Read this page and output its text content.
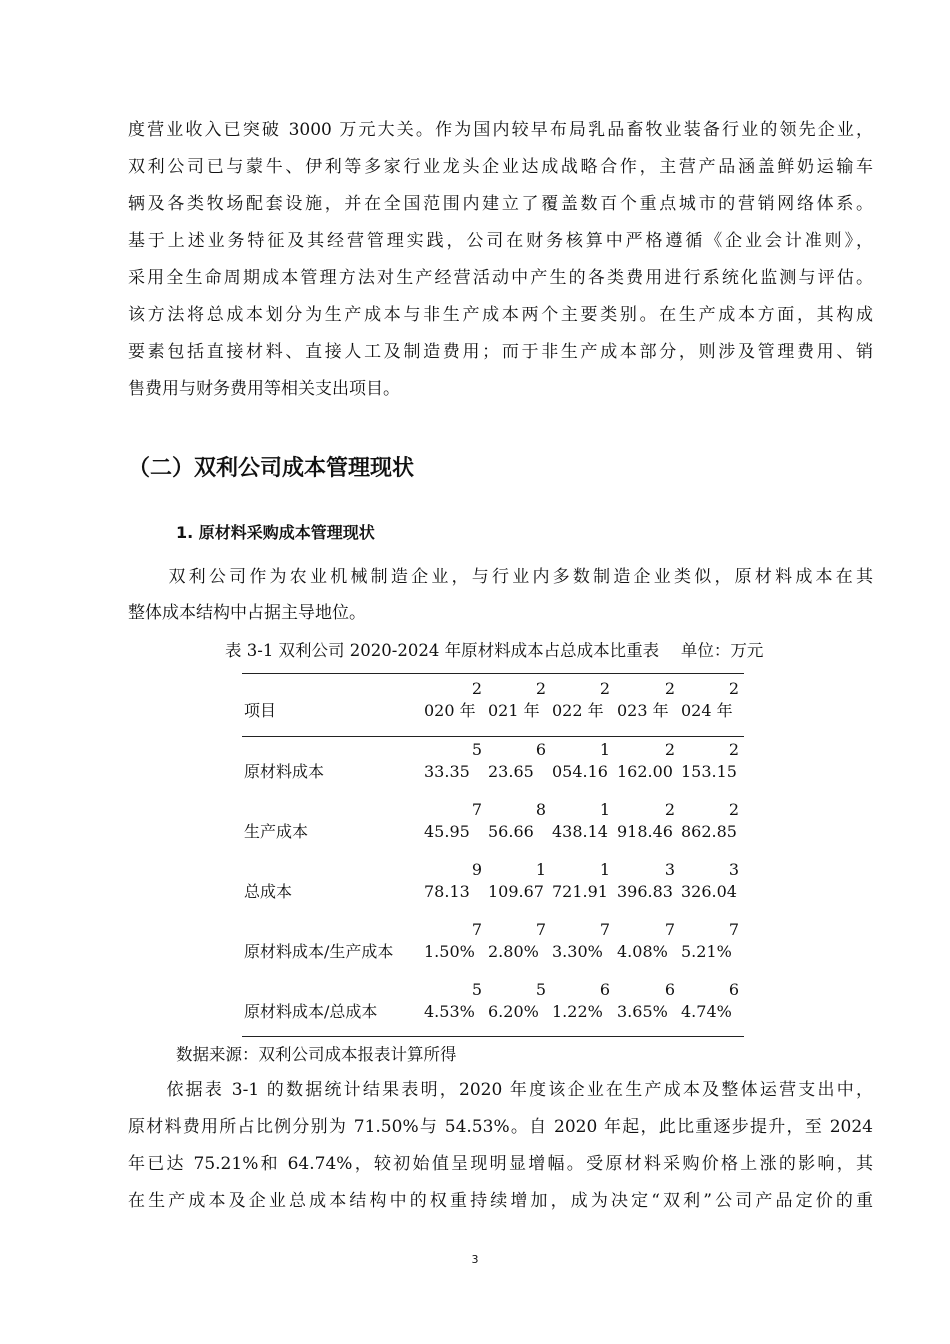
度营业收入已突破 3000 万元大关。作为国内较早布局乳品畜牧业装备行业的领先企业，
双利公司已与蒙牛、伊利等多家行业龙头企业达成战略合作，主营产品涵盖鲜奶运输车
辆及各类牧场配套设施，并在全国范围内建立了覆盖数百个重点城市的营销网络体系。
基于上述业务特征及其经营管理实践，公司在财务核算中严格遵循《企业会计准则》，
采用全生命周期成本管理方法对生产经营活动中产生的各类费用进行系统化监测与评估。
该方法将总成本划分为生产成本与非生产成本两个主要类别。在生产成本方面，其构成
要素包括直接材料、直接人工及制造费用；而于非生产成本部分，则涉及管理费用、销
售费用与财务费用等相关支出项目。
（二）双利公司成本管理现状
1. 原材料采购成本管理现状
　　双利公司作为农业机械制造企业，与行业内多数制造企业类似，原材料成本在其
整体成本结构中占据主导地位。
表 3-1 双利公司 2020-2024 年原材料成本占总成本比重表　 单位：万元
项目
2
020 年
2
021 年
2
022 年
2
023 年
2
024 年
原材料成本
5
33.35
6
23.65
1
054.16
2
162.00
2
153.15
生产成本
7
45.95
8
56.66
1
438.14
2
918.46
2
862.85
总成本
9
78.13
1
109.67
1
721.91
3
396.83
3
326.04
原材料成本/生产成本
7
1.50%
7
2.80%
7
3.30%
7
4.08%
7
5.21%
原材料成本/总成本
5
4.53%
5
6.20%
6
1.22%
6
3.65%
6
4.74%
数据来源：双利公司成本报表计算所得
　　依据表 3-1 的数据统计结果表明，2020 年度该企业在生产成本及整体运营支出中，
原材料费用所占比例分别为 71.50%与 54.53%。自 2020 年起，此比重逐步提升，至 2024
年已达 75.21%和 64.74%，较初始值呈现明显增幅。受原材料采购价格上涨的影响，其
在生产成本及企业总成本结构中的权重持续增加，成为决定“双利”公司产品定价的重
3
